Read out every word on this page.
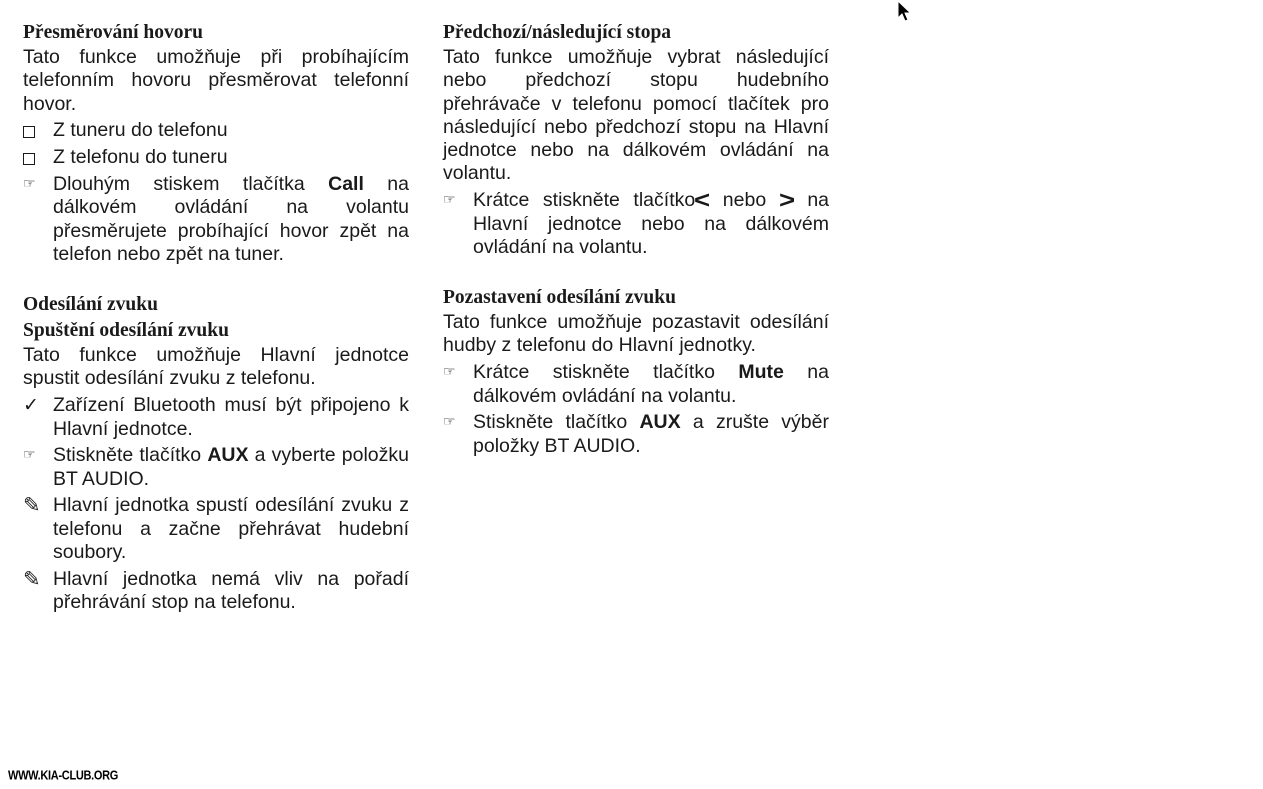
Přesměrování hovoru

Tato funkce umožňuje při probíhajícím telefonním hovoru přesměrovat telefonní hovor.

Z tuneru do telefonu
Z telefonu do tuneru
☞ Dlouhým stiskem tlačítka Call na dálkovém ovládání na volantu přesměrujete probíhající hovor zpět na telefon nebo zpět na tuner.
Odesílání zvuku
Spuštění odesílání zvuku

Tato funkce umožňuje Hlavní jednotce spustit odesílání zvuku z telefonu.

✓ Zařízení Bluetooth musí být připojeno k Hlavní jednotce.
☞ Stiskněte tlačítko AUX a vyberte položku BT AUDIO.
✎ Hlavní jednotka spustí odesílání zvuku z telefonu a začne přehrávat hudební soubory.
✎ Hlavní jednotka nemá vliv na pořadí přehrávání stop na telefonu.
Předchozí/následující stopa

Tato funkce umožňuje vybrat následující nebo předchozí stopu hudebního přehrávače v telefonu pomocí tlačítek pro následující nebo předchozí stopu na Hlavní jednotce nebo na dálkovém ovládání na volantu.

☞ Krátce stiskněte tlačítko< nebo > na Hlavní jednotce nebo na dálkovém ovládání na volantu.
Pozastavení odesílání zvuku

Tato funkce umožňuje pozastavit odesílání hudby z telefonu do Hlavní jednotky.

☞ Krátce stiskněte tlačítko Mute na dálkovém ovládání na volantu.
☞ Stiskněte tlačítko AUX a zrušte výběr položky BT AUDIO.
WWW.KIA-CLUB.ORG
